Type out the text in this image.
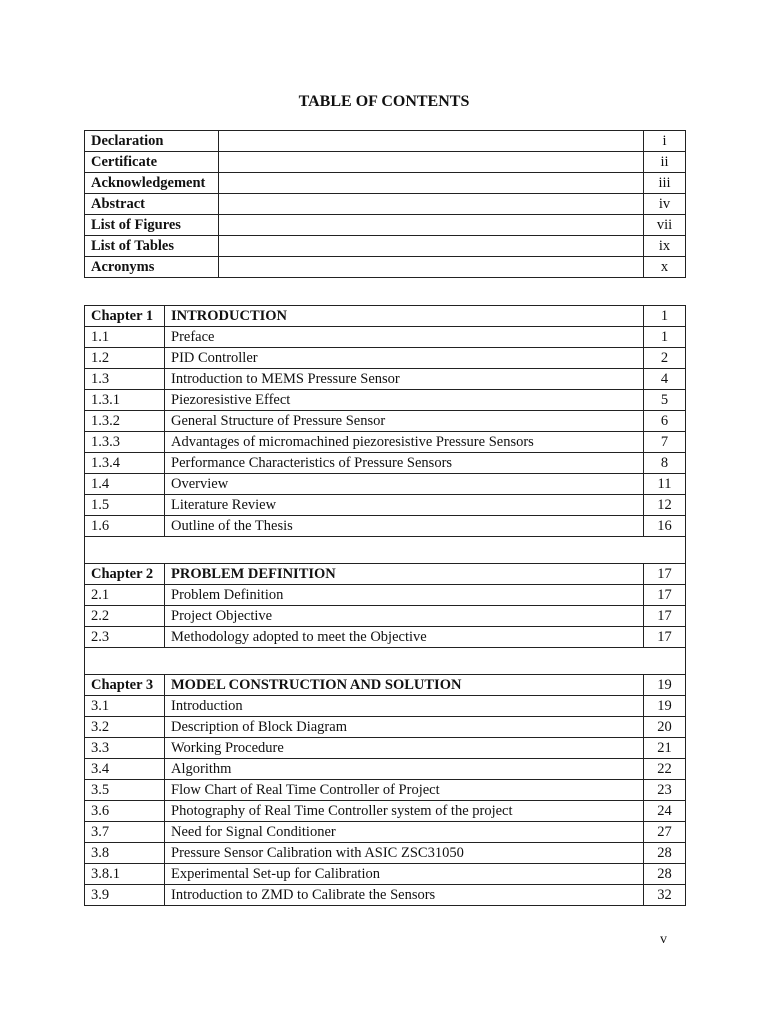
TABLE OF CONTENTS
Declaration		i
Certificate		ii
Acknowledgement		iii
Abstract		iv
List of Figures		vii
List of Tables		ix
Acronyms		x
Chapter 1	INTRODUCTION	1
1.1	Preface	1
1.2	PID Controller	2
1.3	Introduction to MEMS Pressure Sensor	4
1.3.1	Piezoresistive Effect	5
1.3.2	General Structure of Pressure Sensor	6
1.3.3	Advantages of micromachined piezoresistive Pressure Sensors	7
1.3.4	Performance Characteristics of Pressure Sensors	8
1.4	Overview	11
1.5	Literature Review	12
1.6	Outline of the Thesis	16

Chapter 2	PROBLEM DEFINITION	17
2.1	Problem Definition	17
2.2	Project Objective	17
2.3	Methodology adopted to meet the Objective	17

Chapter 3	MODEL CONSTRUCTION AND SOLUTION	19
3.1	Introduction	19
3.2	Description of Block Diagram	20
3.3	Working Procedure	21
3.4	Algorithm	22
3.5	Flow Chart of Real Time Controller of Project	23
3.6	Photography of Real Time Controller system of the project	24
3.7	Need for Signal Conditioner	27
3.8	Pressure Sensor Calibration with ASIC ZSC31050	28
3.8.1	Experimental Set-up for Calibration	28
3.9	Introduction to ZMD to Calibrate the Sensors	32
v
